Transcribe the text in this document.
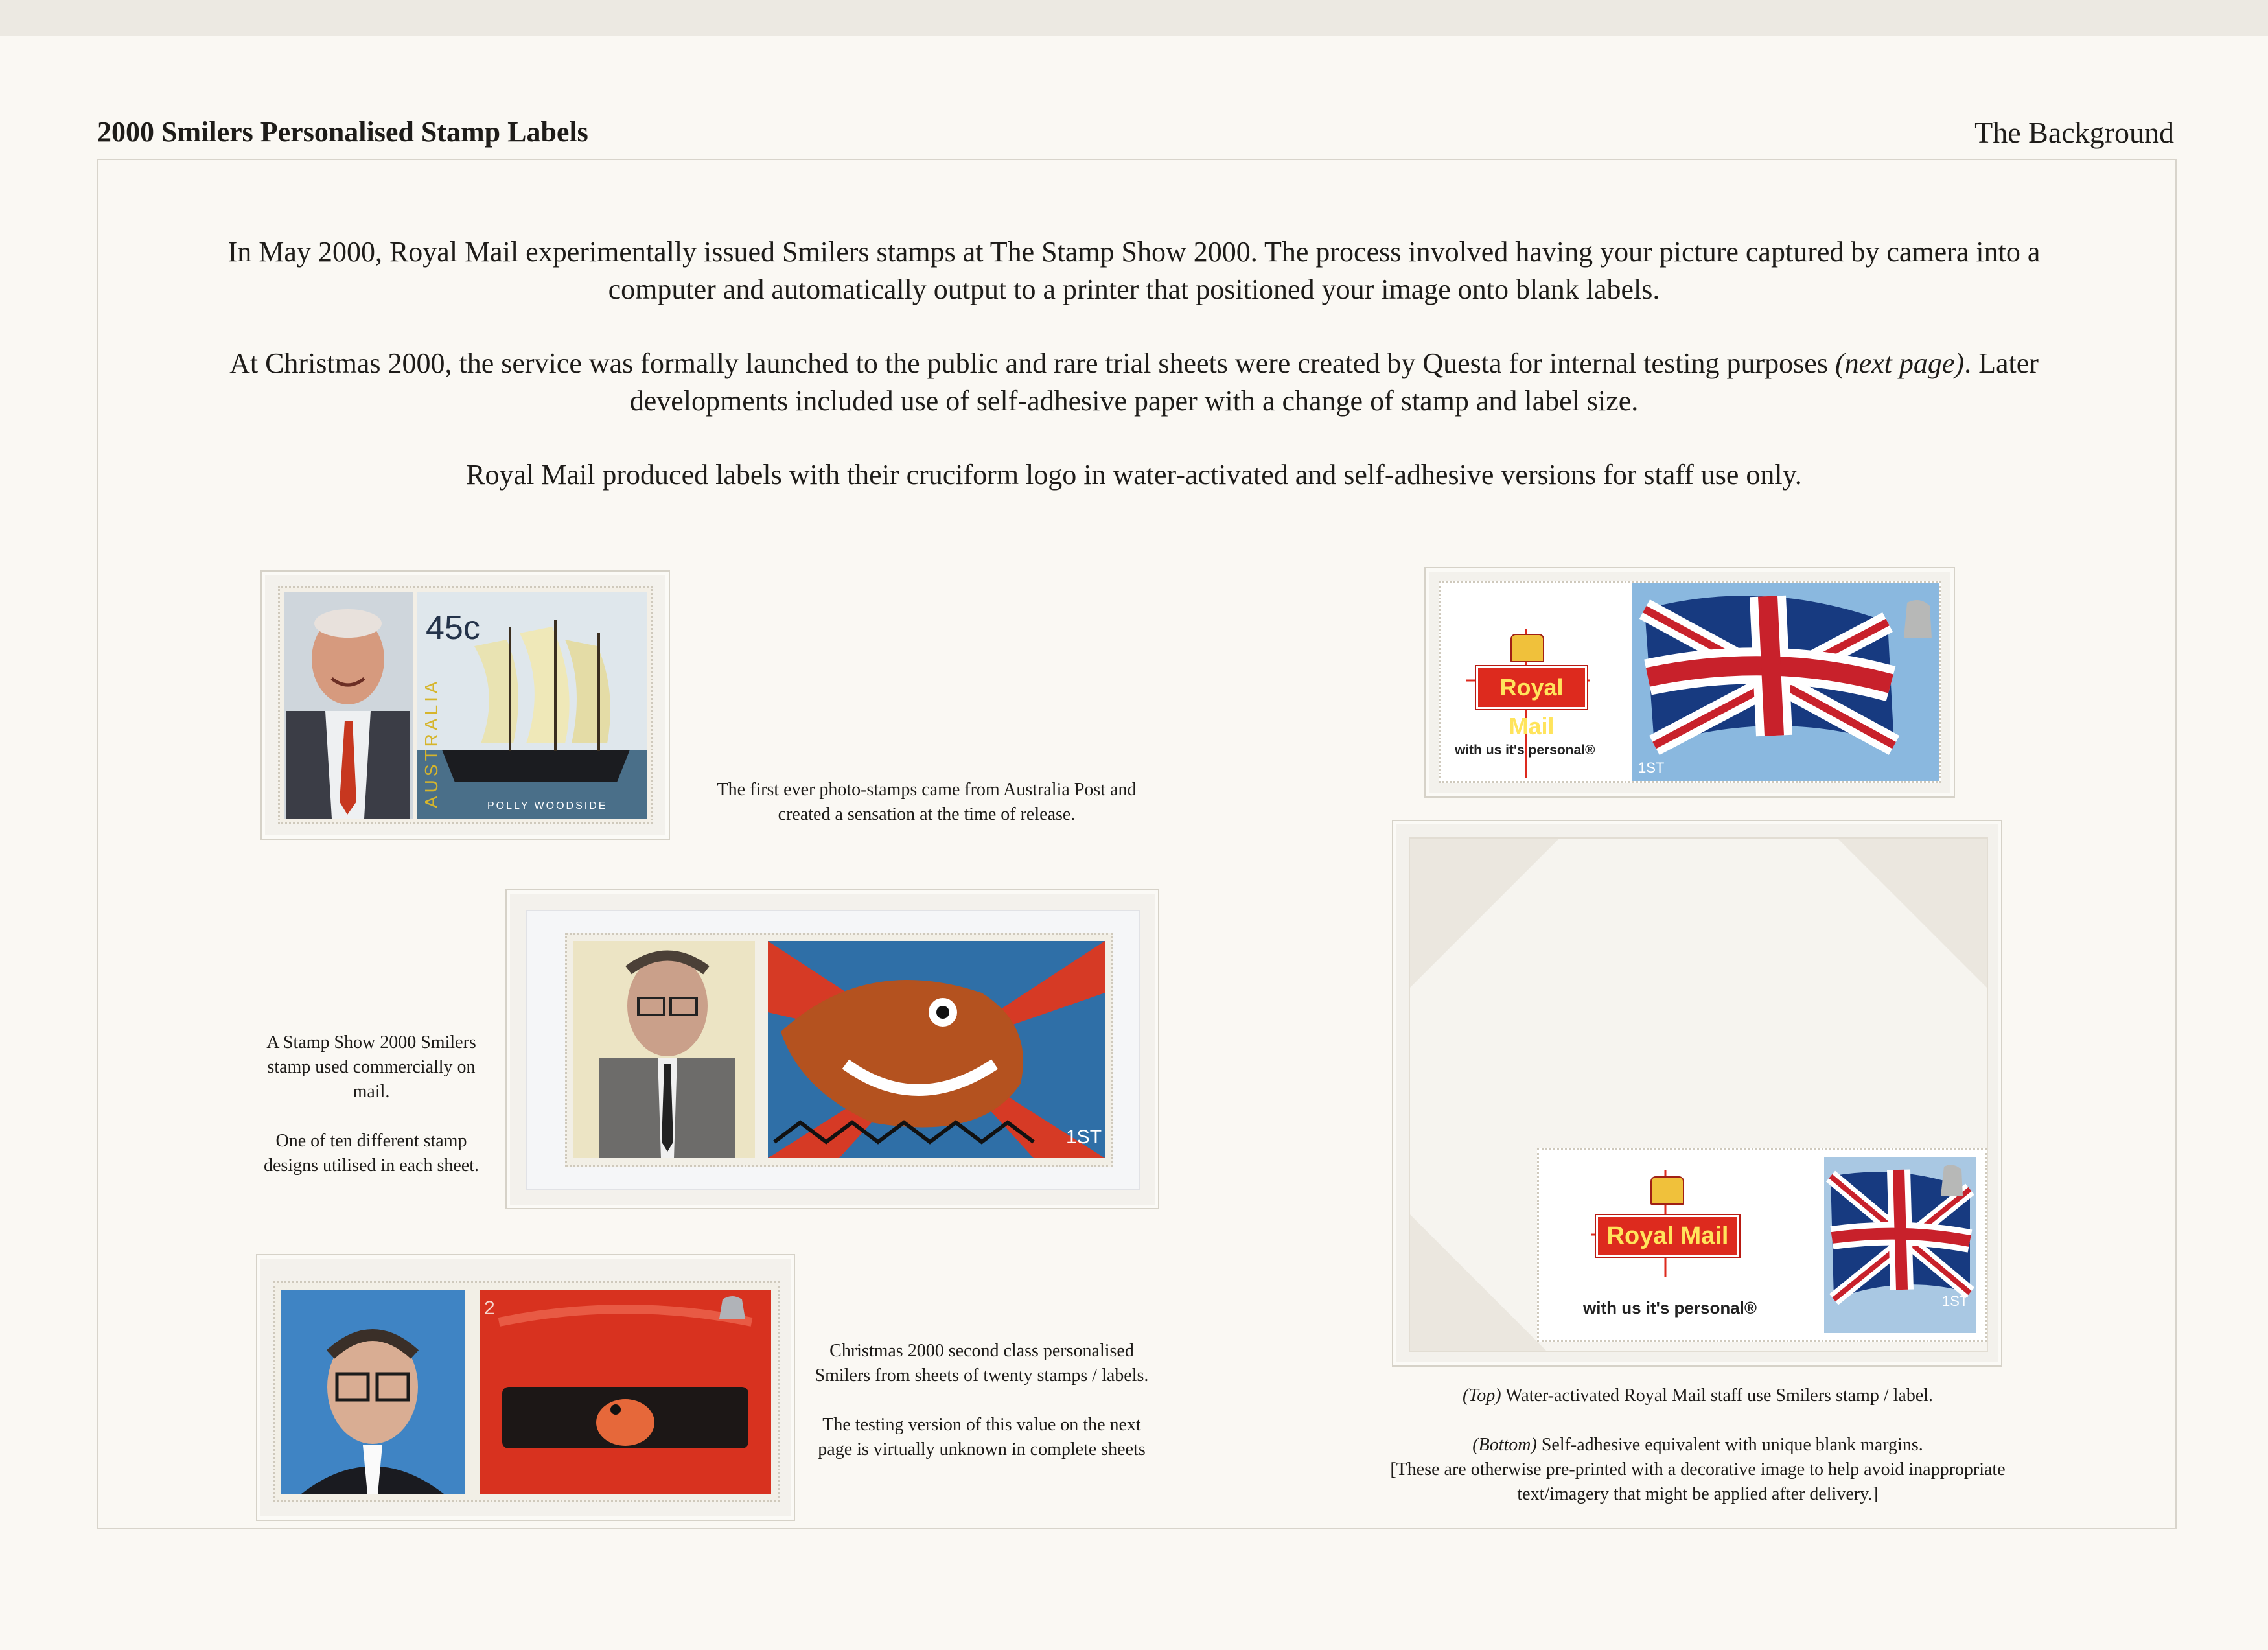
2000 Smilers Personalised Stamp Labels	The Background

In May 2000, Royal Mail experimentally issued Smilers stamps at The Stamp Show 2000. The process involved having your picture captured by camera into a computer and automatically output to a printer that positioned your image onto blank labels.

At Christmas 2000, the service was formally launched to the public and rare trial sheets were created by Questa for internal testing purposes (next page). Later developments included use of self-adhesive paper with a change of stamp and label size.

Royal Mail produced labels with their cruciform logo in water-activated and self-adhesive versions for staff use only.

45c
AUSTRALIA	POLLY WOODSIDE
The first ever photo-stamps came from Australia Post and created a sensation at the time of release.
1ST

A Stamp Show 2000 Smilers stamp used commercially on mail.

One of ten different stamp designs utilised in each sheet.

2

Christmas 2000 second class personalised Smilers from sheets of twenty stamps / labels.

The testing version of this value on the next page is virtually unknown in complete sheets

1ST
Royal Mail
with us it's personal®
1ST
Royal Mail
with us it's personal®

(Top) Water-activated Royal Mail staff use Smilers stamp / label.

(Bottom) Self-adhesive equivalent with unique blank margins.
[These are otherwise pre-printed with a decorative image to help avoid inappropriate text/imagery that might be applied after delivery.]
